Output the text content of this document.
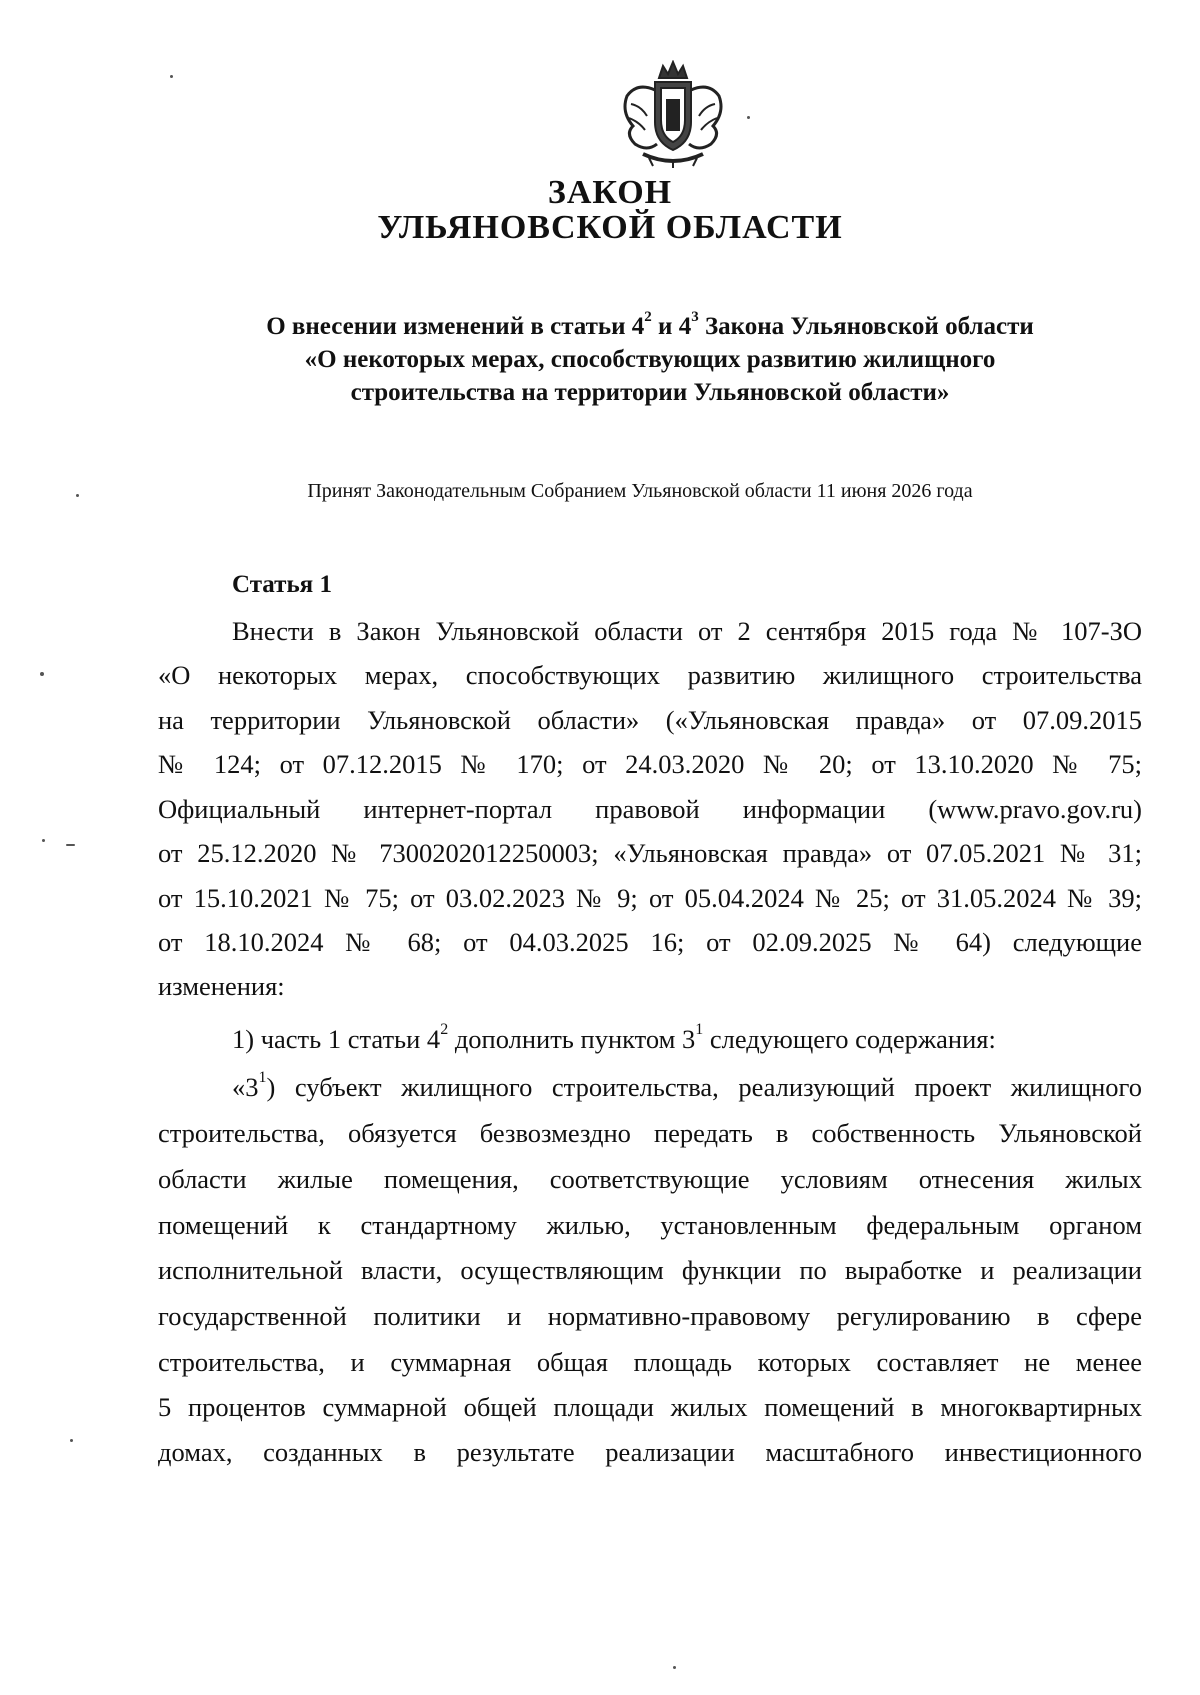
ЗАКОН
УЛЬЯНОВСКОЙ ОБЛАСТИ

О внесении изменений в статьи $4^2$ и $4^3$ Закона Ульяновской области

«О некоторых мерах, способствующих развитию жилищного

строительства на территории Ульяновской области»

Принят Законодательным Собранием Ульяновской области 11 июня 2026 года

Статья 1

Внести в Закон Ульяновской области от 2 сентября 2015 года № 107-ЗО

«О некоторых мерах, способствующих развитию жилищного строительства

на территории Ульяновской области» («Ульяновская правда» от 07.09.2015

№ 124; от 07.12.2015 № 170; от 24.03.2020 № 20; от 13.10.2020 № 75;

Официальный интернет-портал правовой информации (www.pravo.gov.ru)

от 25.12.2020 № 7300202012250003; «Ульяновская правда» от 07.05.2021 № 31;

от 15.10.2021 № 75; от 03.02.2023 № 9; от 05.04.2024 № 25; от 31.05.2024 № 39;

от 18.10.2024 № 68; от 04.03.2025 16; от 02.09.2025 № 64) следующие

изменения:

1) часть 1 статьи $4^2$ дополнить пунктом $3^1$ следующего содержания:

«$3^1$) субъект жилищного строительства, реализующий проект жилищного

строительства, обязуется безвозмездно передать в собственность Ульяновской

области жилые помещения, соответствующие условиям отнесения жилых

помещений к стандартному жилью, установленным федеральным органом

исполнительной власти, осуществляющим функции по выработке и реализации

государственной политики и нормативно-правовому регулированию в сфере

строительства, и суммарная общая площадь которых составляет не менее

5 процентов суммарной общей площади жилых помещений в многоквартирных

домах, созданных в результате реализации масштабного инвестиционного
